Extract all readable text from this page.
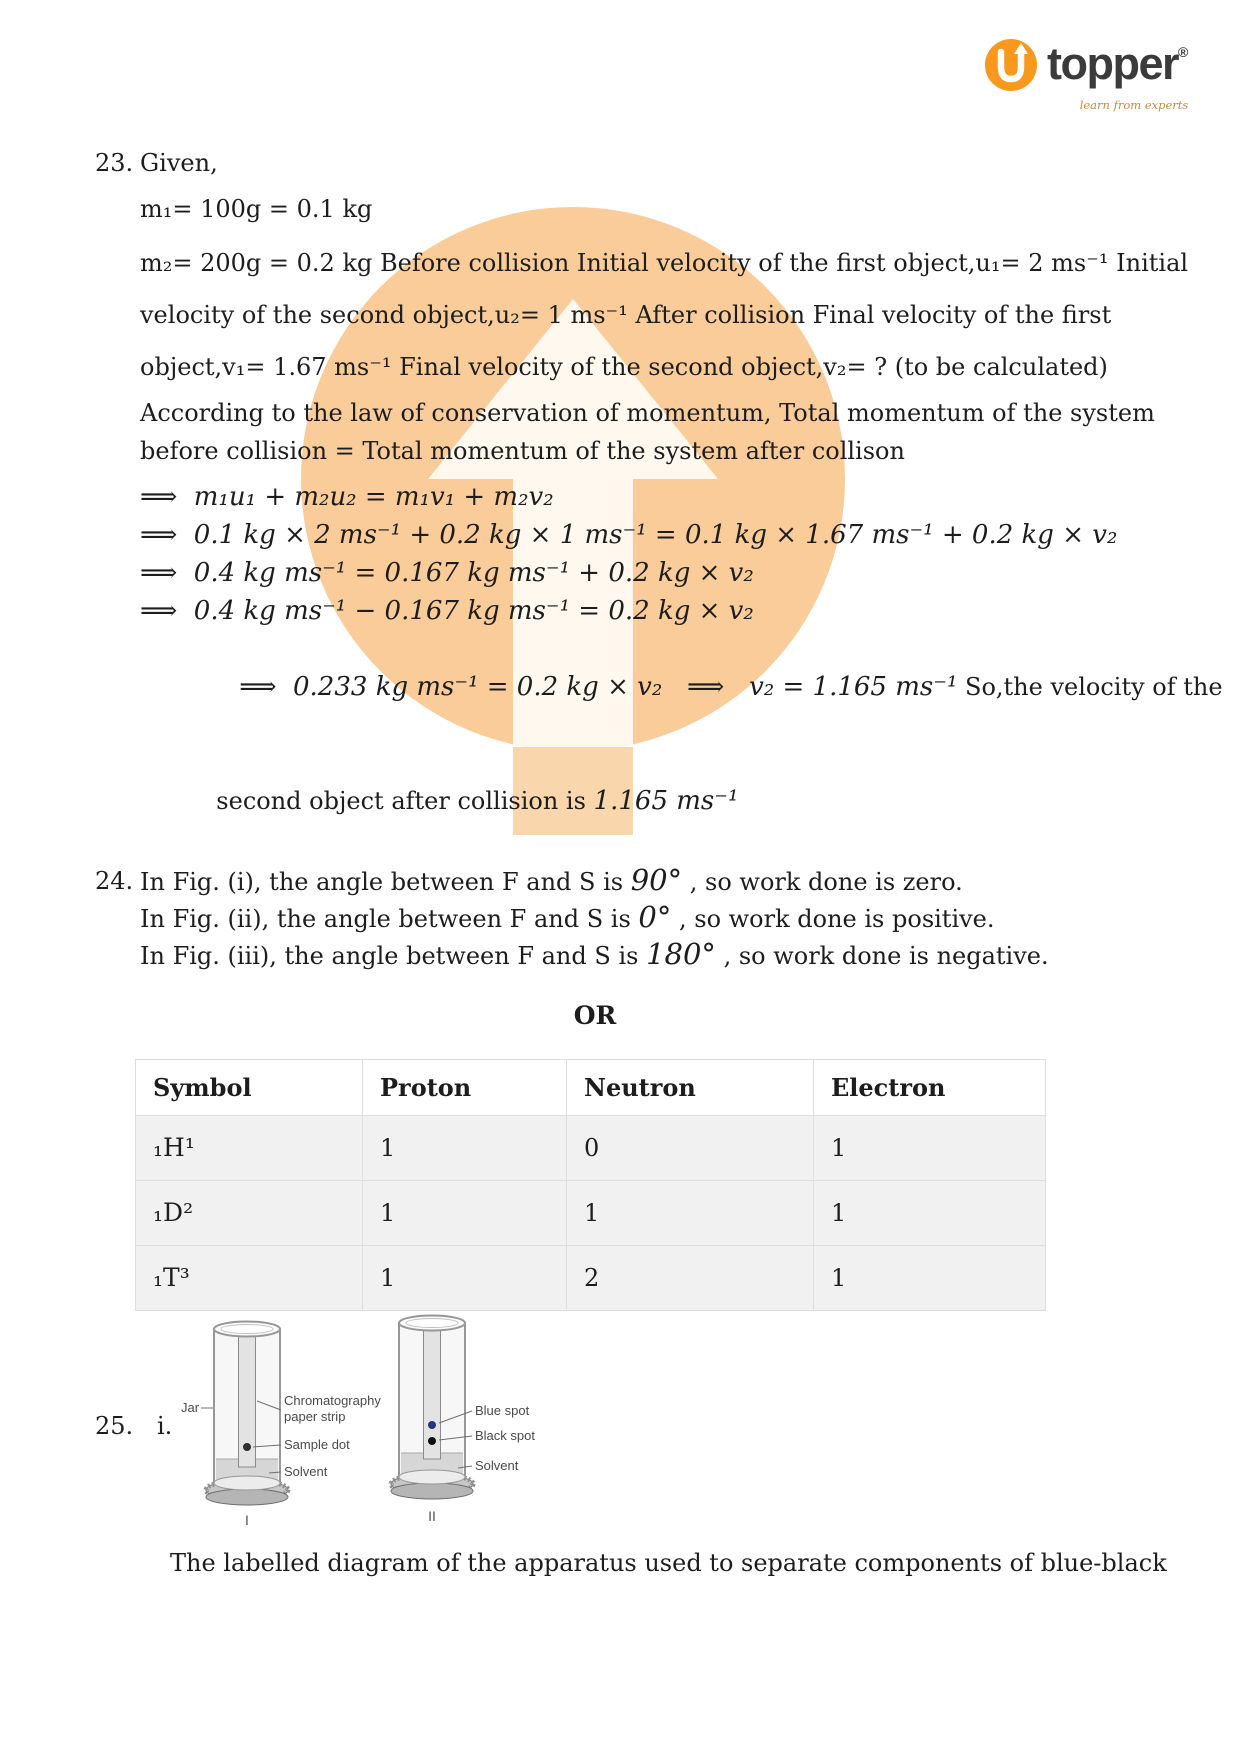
topper®
learn from experts
23. Given,
m₁= 100g = 0.1 kg
m₂= 200g = 0.2 kg Before collision Initial velocity of the first object,u₁= 2 ms⁻¹ Initial
velocity of the second object,u₂= 1 ms⁻¹ After collision Final velocity of the first
object,v₁= 1.67 ms⁻¹ Final velocity of the second object,v₂= ? (to be calculated)
According to the law of conservation of momentum, Total momentum of the system
before collision = Total momentum of the system after collison
⟹  m₁u₁ + m₂u₂ = m₁v₁ + m₂v₂
⟹  0.1 kg × 2 ms⁻¹ + 0.2 kg × 1 ms⁻¹ = 0.1 kg × 1.67 ms⁻¹ + 0.2 kg × v₂
⟹  0.4 kg ms⁻¹ = 0.167 kg ms⁻¹ + 0.2 kg × v₂
⟹  0.4 kg ms⁻¹ − 0.167 kg ms⁻¹ = 0.2 kg × v₂

⟹  0.233 kg ms⁻¹ = 0.2 kg × v₂   ⟹   v₂ = 1.165 ms⁻¹ So,the velocity of the

second object after collision is 1.165 ms⁻¹

24. In Fig. (i), the angle between F and S is 90° , so work done is zero.
In Fig. (ii), the angle between F and S is 0° , so work done is positive.
In Fig. (iii), the angle between F and S is 180° , so work done is negative.
OR
Symbol	Proton	Neutron	Electron
₁H¹	1	0	1
₁D²	1	1	1
₁T³	1	2	1
25. i.
Jar	Chromatography
paper strip
Sample dot
Solvent
I
Blue spot
Black spot
Solvent
II
The labelled diagram of the apparatus used to separate components of blue-black
